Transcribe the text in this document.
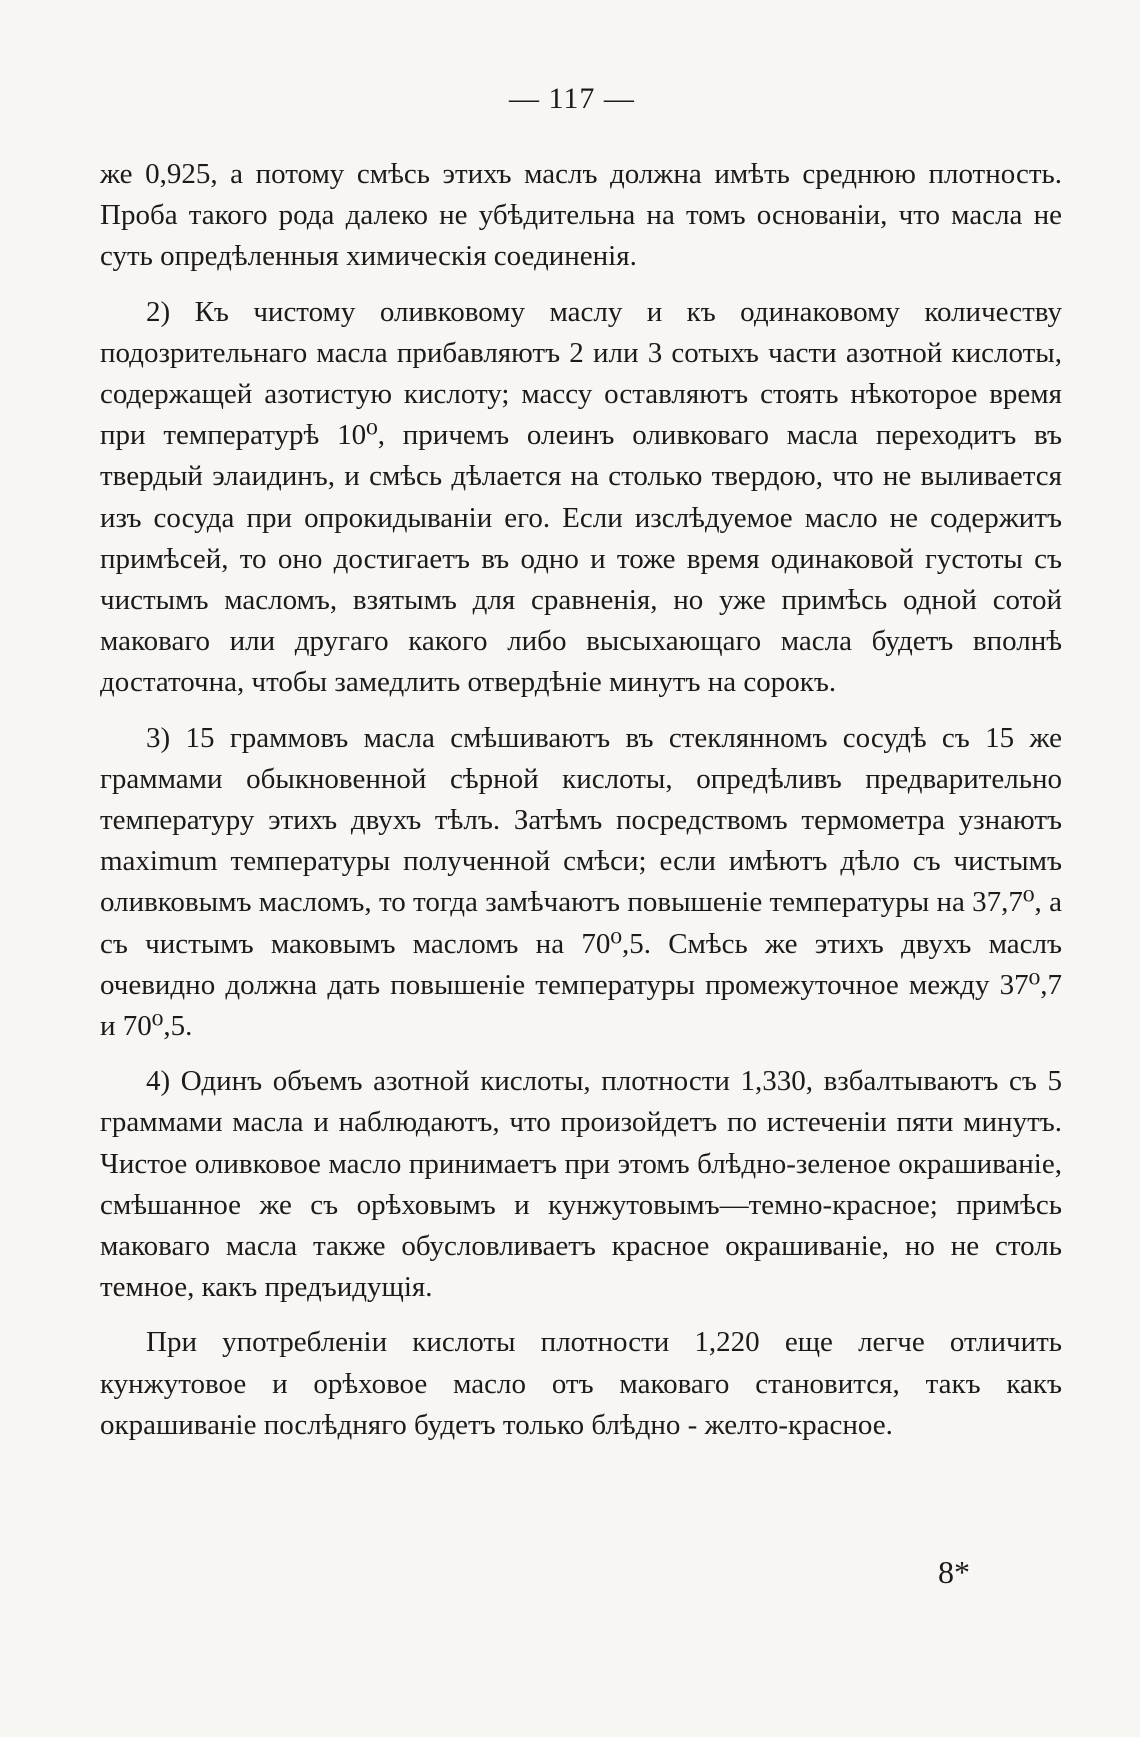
— 117 —

же 0,925, а потому смѣсь этихъ маслъ должна имѣть среднюю плотность. Проба такого рода далеко не убѣдительна на томъ основаніи, что масла не суть опредѣленныя химическія соединенія.

2) Къ чистому оливковому маслу и къ одинаковому количеству подозрительнаго масла прибавляютъ 2 или 3 сотыхъ части азотной кислоты, содержащей азотистую кислоту; массу оставляютъ стоять нѣкоторое время при температурѣ 10⁰, причемъ олеинъ оливковаго масла переходитъ въ твердый элаидинъ, и смѣсь дѣлается на столько твердою, что не выливается изъ сосуда при опрокидываніи его. Если изслѣдуемое масло не содержитъ примѣсей, то оно достигаетъ въ одно и тоже время одинаковой густоты съ чистымъ масломъ, взятымъ для сравненія, но уже примѣсь одной сотой маковаго или другаго какого либо высыхающаго масла будетъ вполнѣ достаточна, чтобы замедлить отвердѣніе минутъ на сорокъ.

3) 15 граммовъ масла смѣшиваютъ въ стеклянномъ сосудѣ съ 15 же граммами обыкновенной сѣрной кислоты, опредѣливъ предварительно температуру этихъ двухъ тѣлъ. Затѣмъ посредствомъ термометра узнаютъ maximum температуры полученной смѣси; если имѣютъ дѣло съ чистымъ оливковымъ масломъ, то тогда замѣчаютъ повышеніе температуры на 37,7⁰, а съ чистымъ маковымъ масломъ на 70⁰,5. Смѣсь же этихъ двухъ маслъ очевидно должна дать повышеніе температуры промежуточное между 37⁰,7 и 70⁰,5.

4) Одинъ объемъ азотной кислоты, плотности 1,330, взбалтываютъ съ 5 граммами масла и наблюдаютъ, что произойдетъ по истеченіи пяти минутъ. Чистое оливковое масло принимаетъ при этомъ блѣдно-зеленое окрашиваніе, смѣшанное же съ орѣховымъ и кунжутовымъ—темно-красное; примѣсь маковаго масла также обусловливаетъ красное окрашиваніе, но не столь темное, какъ предъидущія.

При употребленіи кислоты плотности 1,220 еще легче отличить кунжутовое и орѣховое масло отъ маковаго становится, такъ какъ окрашиваніе послѣдняго будетъ только блѣдно - желто-красное.

8*
